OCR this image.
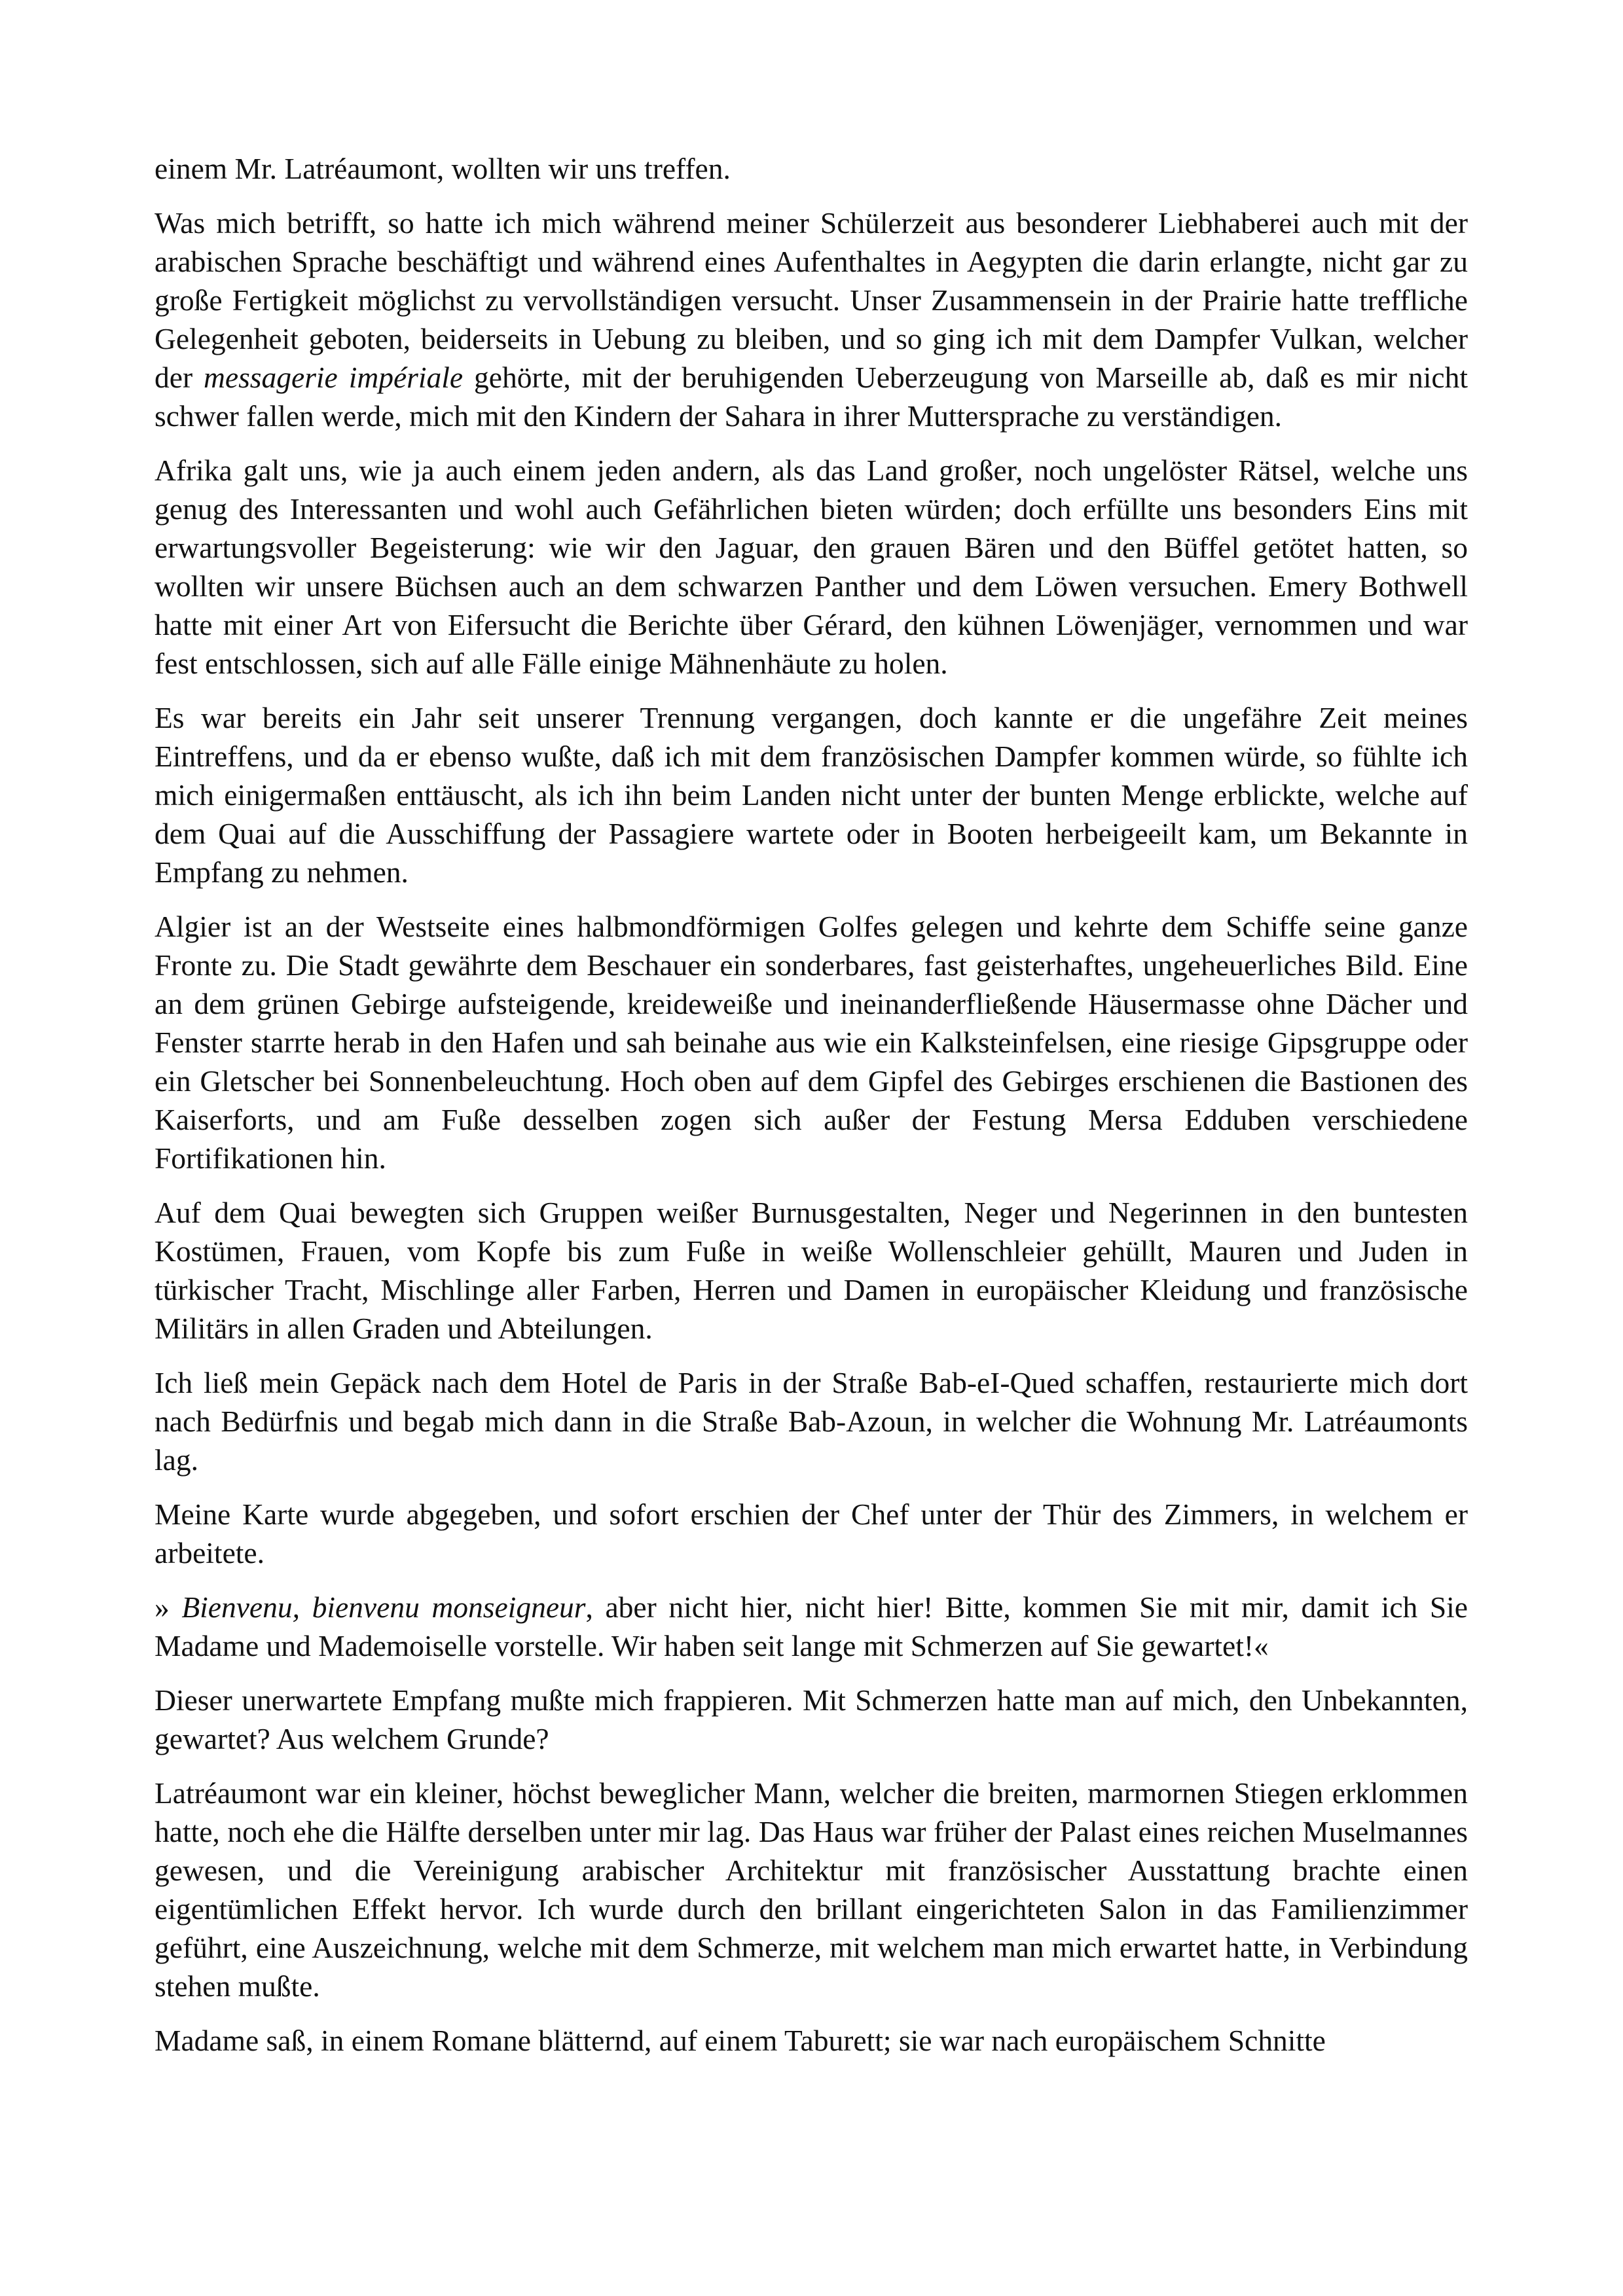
einem Mr. Latréaumont, wollten wir uns treffen.

Was mich betrifft, so hatte ich mich während meiner Schülerzeit aus besonderer Liebhaberei auch mit der arabischen Sprache beschäftigt und während eines Aufenthaltes in Aegypten die darin erlangte, nicht gar zu große Fertigkeit möglichst zu vervollständigen versucht. Unser Zusammensein in der Prairie hatte treffliche Gelegenheit geboten, beiderseits in Uebung zu bleiben, und so ging ich mit dem Dampfer Vulkan, welcher der messagerie impériale gehörte, mit der beruhigenden Ueberzeugung von Marseille ab, daß es mir nicht schwer fallen werde, mich mit den Kindern der Sahara in ihrer Muttersprache zu verständigen.

Afrika galt uns, wie ja auch einem jeden andern, als das Land großer, noch ungelöster Rätsel, welche uns genug des Interessanten und wohl auch Gefährlichen bieten würden; doch erfüllte uns besonders Eins mit erwartungsvoller Begeisterung: wie wir den Jaguar, den grauen Bären und den Büffel getötet hatten, so wollten wir unsere Büchsen auch an dem schwarzen Panther und dem Löwen versuchen. Emery Bothwell hatte mit einer Art von Eifersucht die Berichte über Gérard, den kühnen Löwenjäger, vernommen und war fest entschlossen, sich auf alle Fälle einige Mähnenhäute zu holen.

Es war bereits ein Jahr seit unserer Trennung vergangen, doch kannte er die ungefähre Zeit meines Eintreffens, und da er ebenso wußte, daß ich mit dem französischen Dampfer kommen würde, so fühlte ich mich einigermaßen enttäuscht, als ich ihn beim Landen nicht unter der bunten Menge erblickte, welche auf dem Quai auf die Ausschiffung der Passagiere wartete oder in Booten herbeigeeilt kam, um Bekannte in Empfang zu nehmen.

Algier ist an der Westseite eines halbmondförmigen Golfes gelegen und kehrte dem Schiffe seine ganze Fronte zu. Die Stadt gewährte dem Beschauer ein sonderbares, fast geisterhaftes, ungeheuerliches Bild. Eine an dem grünen Gebirge aufsteigende, kreideweiße und ineinanderfließende Häusermasse ohne Dächer und Fenster starrte herab in den Hafen und sah beinahe aus wie ein Kalksteinfelsen, eine riesige Gipsgruppe oder ein Gletscher bei Sonnenbeleuchtung. Hoch oben auf dem Gipfel des Gebirges erschienen die Bastionen des Kaiserforts, und am Fuße desselben zogen sich außer der Festung Mersa Edduben verschiedene Fortifikationen hin.

Auf dem Quai bewegten sich Gruppen weißer Burnusgestalten, Neger und Negerinnen in den buntesten Kostümen, Frauen, vom Kopfe bis zum Fuße in weiße Wollenschleier gehüllt, Mauren und Juden in türkischer Tracht, Mischlinge aller Farben, Herren und Damen in europäischer Kleidung und französische Militärs in allen Graden und Abteilungen.

Ich ließ mein Gepäck nach dem Hotel de Paris in der Straße Bab-eI-Qued schaffen, restaurierte mich dort nach Bedürfnis und begab mich dann in die Straße Bab-Azoun, in welcher die Wohnung Mr. Latréaumonts lag.

Meine Karte wurde abgegeben, und sofort erschien der Chef unter der Thür des Zimmers, in welchem er arbeitete.

» Bienvenu, bienvenu monseigneur, aber nicht hier, nicht hier! Bitte, kommen Sie mit mir, damit ich Sie Madame und Mademoiselle vorstelle. Wir haben seit lange mit Schmerzen auf Sie gewartet!«

Dieser unerwartete Empfang mußte mich frappieren. Mit Schmerzen hatte man auf mich, den Unbekannten, gewartet? Aus welchem Grunde?

Latréaumont war ein kleiner, höchst beweglicher Mann, welcher die breiten, marmornen Stiegen erklommen hatte, noch ehe die Hälfte derselben unter mir lag. Das Haus war früher der Palast eines reichen Muselmannes gewesen, und die Vereinigung arabischer Architektur mit französischer Ausstattung brachte einen eigentümlichen Effekt hervor. Ich wurde durch den brillant eingerichteten Salon in das Familienzimmer geführt, eine Auszeichnung, welche mit dem Schmerze, mit welchem man mich erwartet hatte, in Verbindung stehen mußte.

Madame saß, in einem Romane blätternd, auf einem Taburett; sie war nach europäischem Schnitte
